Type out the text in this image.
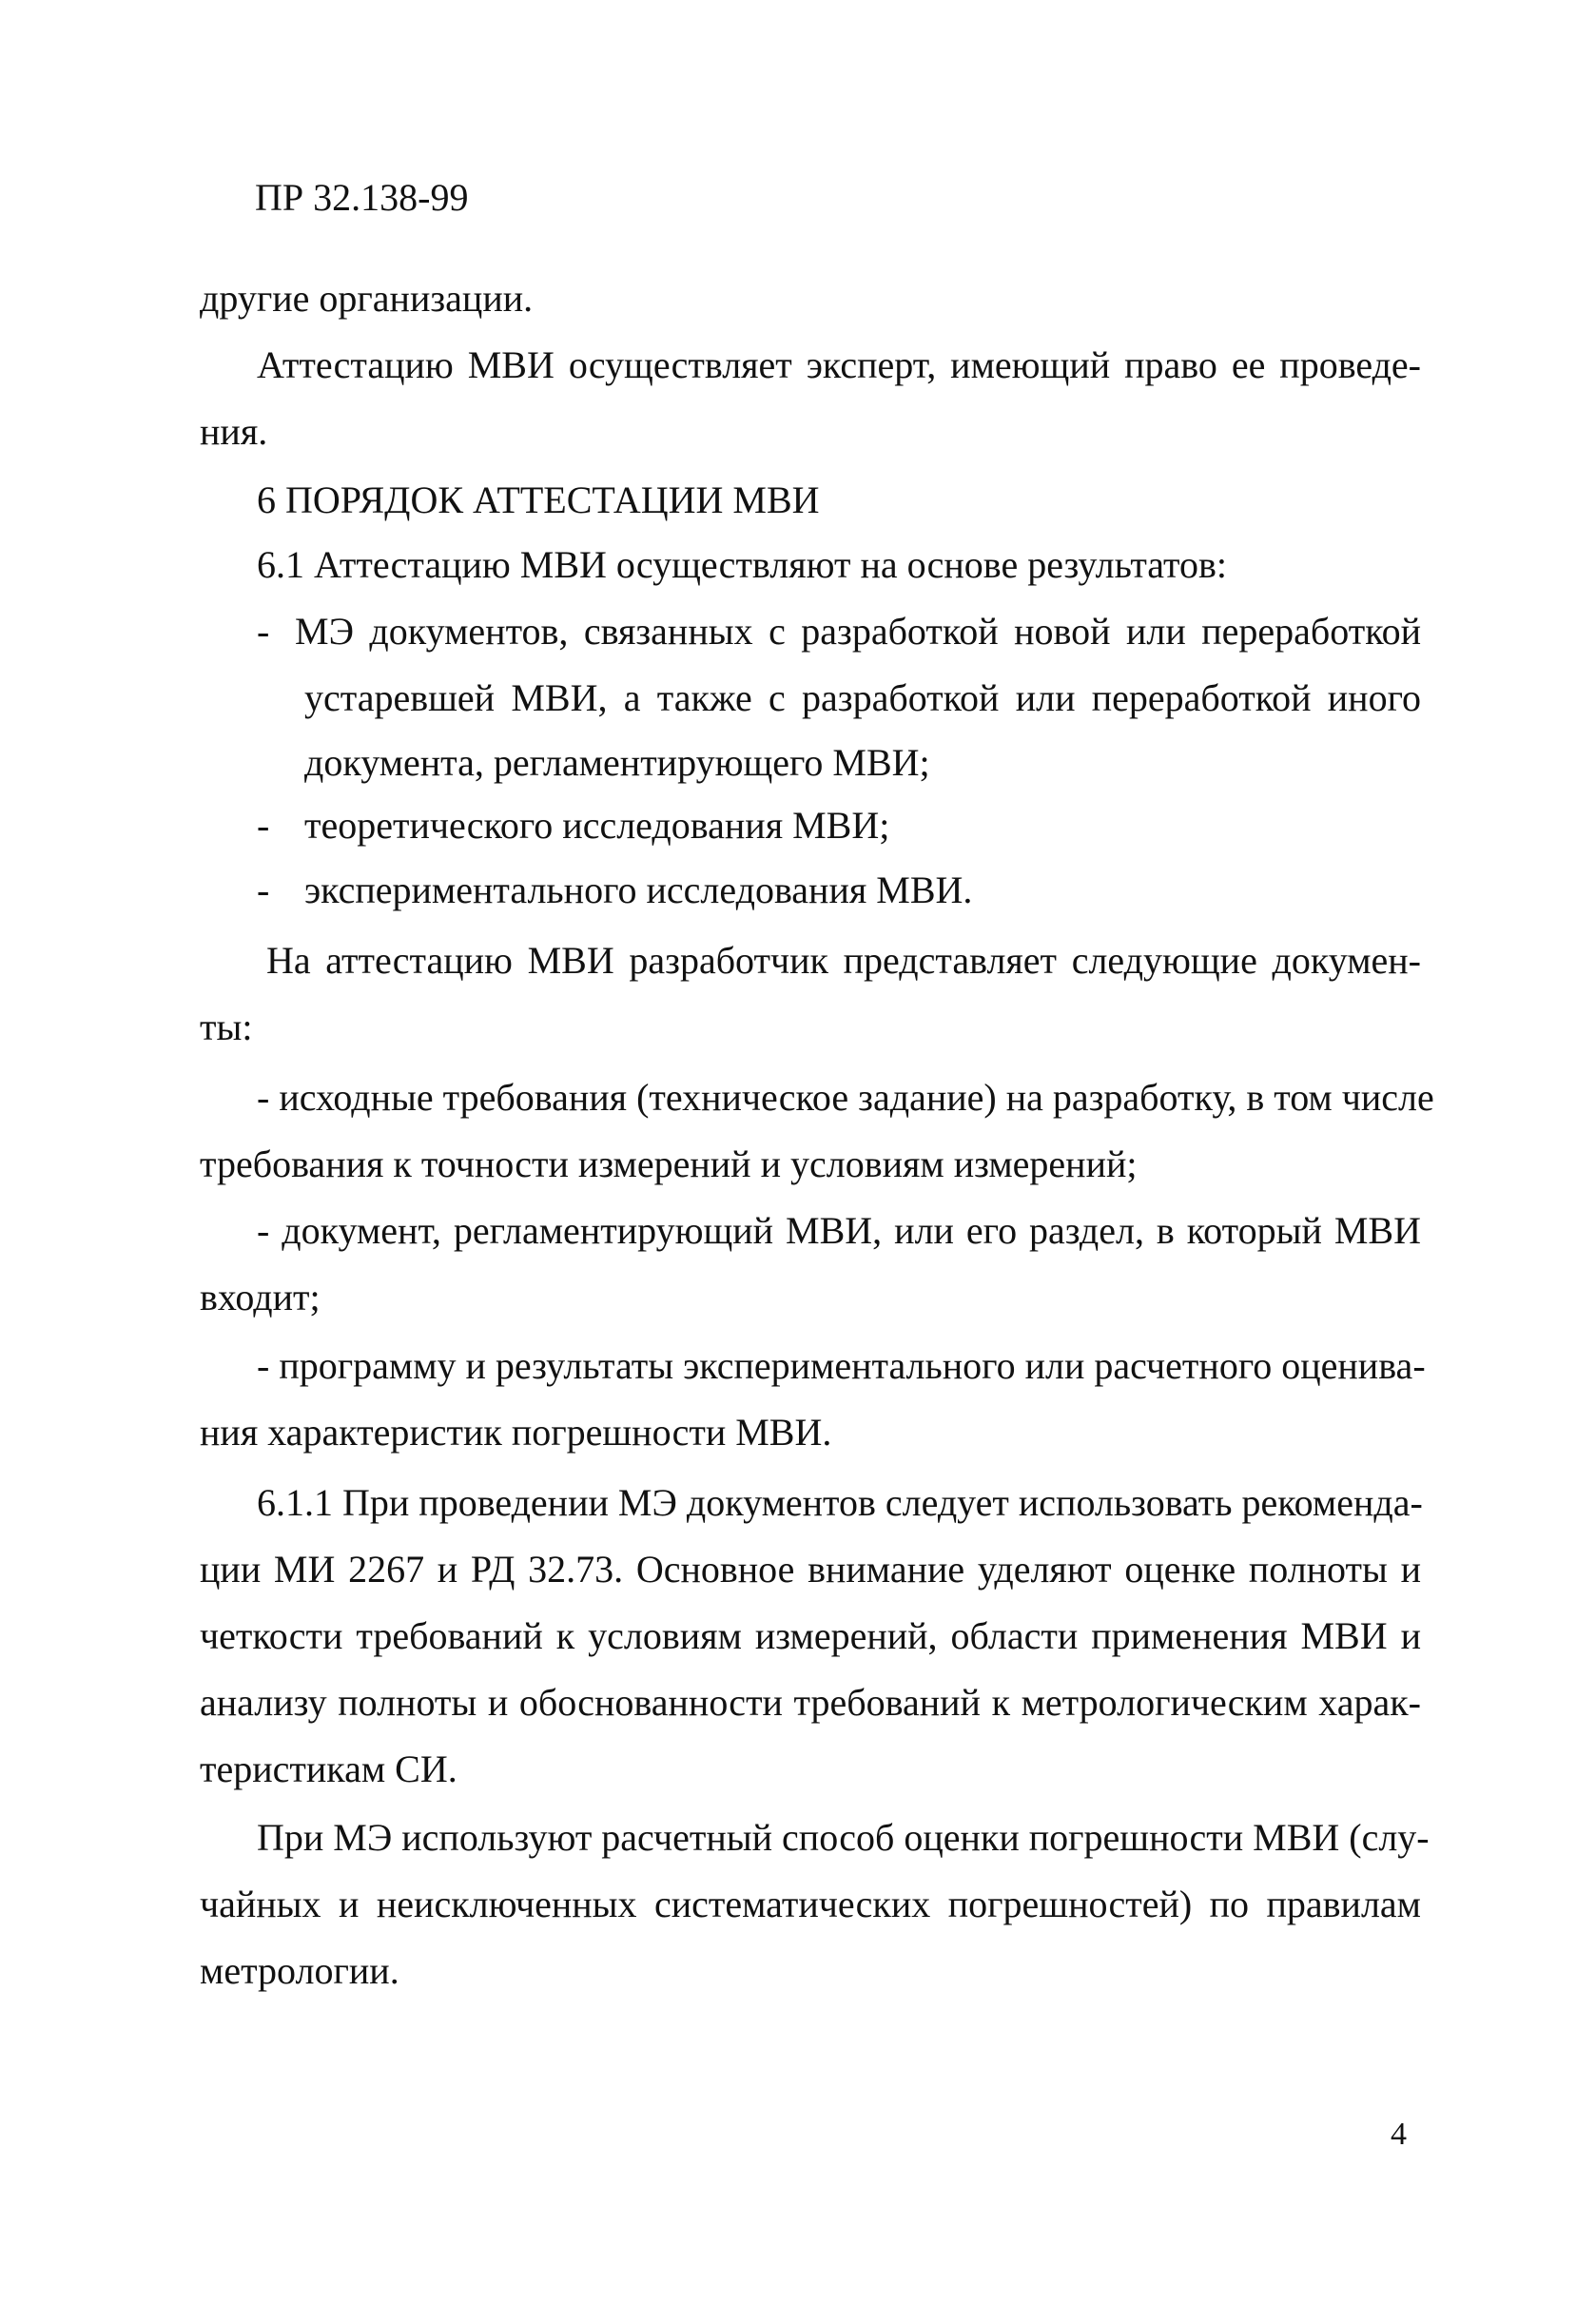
ПР 32.138-99

другие организации.

Аттестацию МВИ осуществляет эксперт, имеющий право ее проведе-

ния.

6 ПОРЯДОК АТТЕСТАЦИИ МВИ

6.1 Аттестацию МВИ осуществляют на основе результатов:

- МЭ документов, связанных с разработкой новой или переработкой

устаревшей МВИ, а также с разработкой или переработкой иного

документа, регламентирующего МВИ;

- теоретического исследования МВИ;

- экспериментального исследования МВИ.

На аттестацию МВИ разработчик представляет следующие докумен-

ты:

- исходные требования (техническое задание) на разработку, в том числе

требования к точности измерений и условиям измерений;

- документ, регламентирующий МВИ, или его раздел, в который МВИ

входит;

- программу и результаты экспериментального или расчетного оценива-

ния характеристик погрешности МВИ.

6.1.1 При проведении МЭ документов следует использовать рекоменда-

ции МИ 2267 и РД 32.73. Основное внимание уделяют оценке полноты и

четкости требований к условиям измерений, области применения МВИ и

анализу полноты и обоснованности требований к метрологическим харак-

теристикам СИ.

При МЭ используют расчетный способ оценки погрешности МВИ (слу-

чайных и неисключенных систематических погрешностей) по правилам

метрологии.

4
